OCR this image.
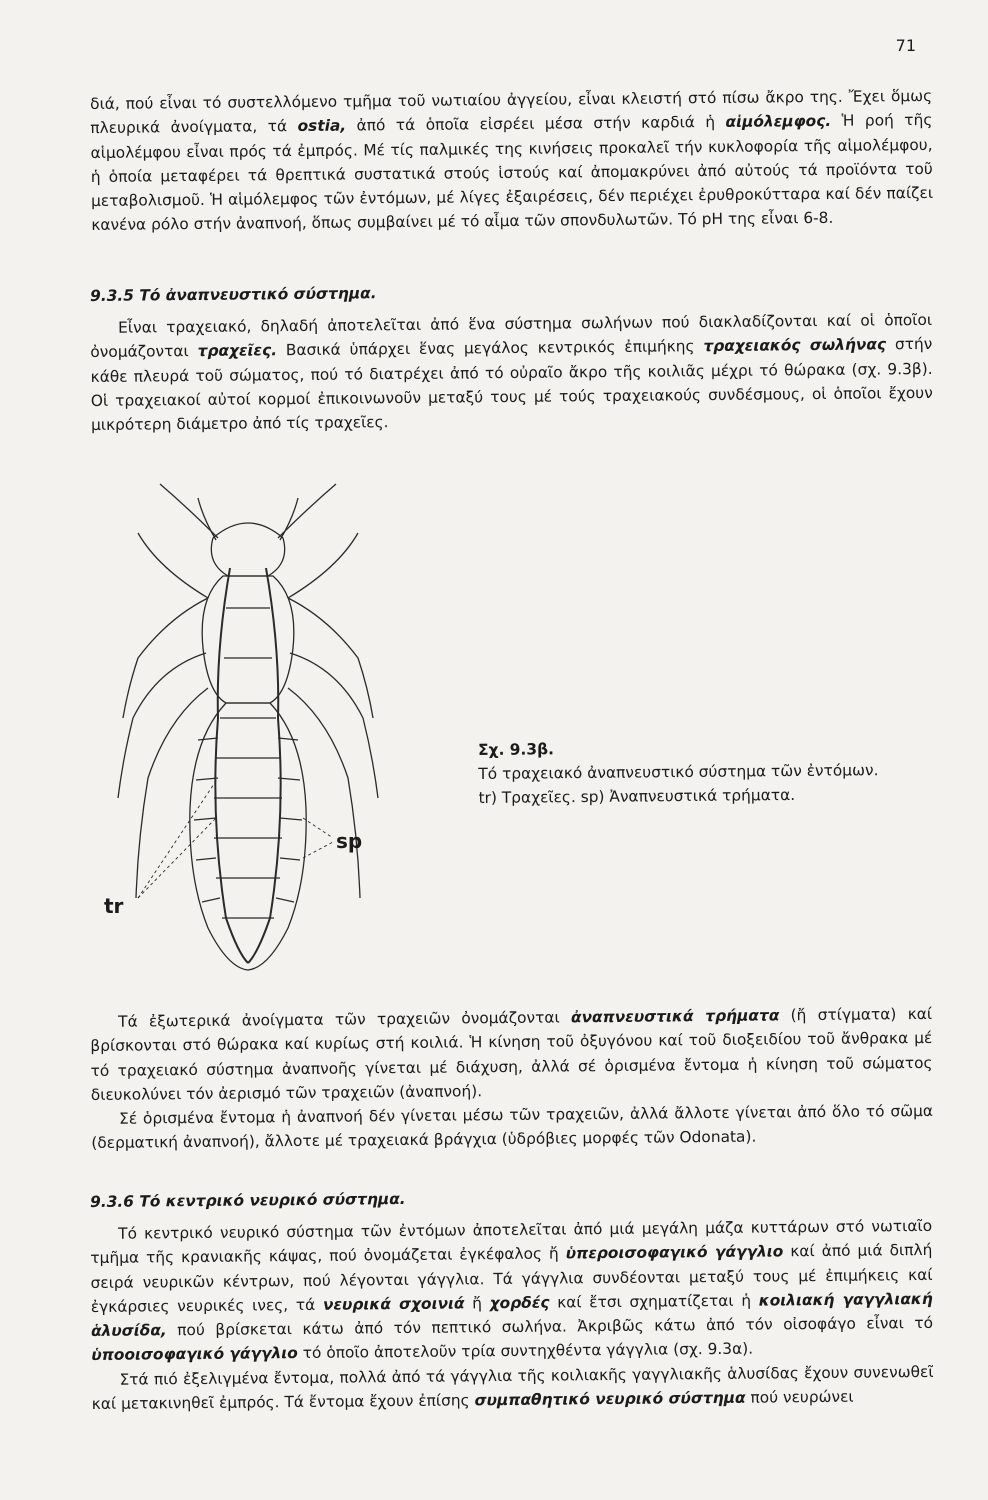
71

διά, πού εἶναι τό συστελλόμενο τμῆμα τοῦ νωτιαίου ἀγγείου, εἶναι κλειστή στό πίσω ἄκρο της. Ἔχει ὅμως πλευρικά ἀνοίγματα, τά ostia, ἀπό τά ὁποῖα εἰσρέει μέσα στήν καρδιά ἡ αἱμόλεμφος. Ἡ ροή τῆς αἱμολέμφου εἶναι πρός τά ἐμπρός. Μέ τίς παλμικές της κινήσεις προκαλεῖ τήν κυκλοφορία τῆς αἱμολέμφου, ἡ ὁποία μεταφέρει τά θρεπτικά συστατικά στούς ἱστούς καί ἀπομακρύνει ἀπό αὐτούς τά προϊόντα τοῦ μεταβολισμοῦ. Ἡ αἱμόλεμφος τῶν ἐντόμων, μέ λίγες ἐξαιρέσεις, δέν περιέχει ἐρυθροκύτταρα καί δέν παίζει κανένα ρόλο στήν ἀναπνοή, ὅπως συμβαίνει μέ τό αἷμα τῶν σπονδυλωτῶν. Τό pH της εἶναι 6-8.

9.3.5 Τό ἀναπνευστικό σύστημα.

Εἶναι τραχειακό, δηλαδή ἀποτελεῖται ἀπό ἕνα σύστημα σωλήνων πού διακλαδίζονται καί οἱ ὁποῖοι ὀνομάζονται τραχεῖες. Βασικά ὑπάρχει ἕνας μεγάλος κεντρικός ἐπιμήκης τραχειακός σωλήνας στήν κάθε πλευρά τοῦ σώματος, πού τό διατρέχει ἀπό τό οὐραῖο ἄκρο τῆς κοιλιᾶς μέχρι τό θώρακα (σχ. 9.3β). Οἱ τραχειακοί αὐτοί κορμοί ἐπικοινωνοῦν μεταξύ τους μέ τούς τραχειακούς συνδέσμους, οἱ ὁποῖοι ἔχουν μικρότερη διάμετρο ἀπό τίς τραχεῖες.

sp
tr
Σχ. 9.3β.
Τό τραχειακό ἀναπνευστικό σύστημα τῶν ἐντόμων.
tr) Τραχεῖες. sp) Ἀναπνευστικά τρήματα.

Τά ἐξωτερικά ἀνοίγματα τῶν τραχειῶν ὀνομάζονται ἀναπνευστικά τρήματα (ἤ στίγματα) καί βρίσκονται στό θώρακα καί κυρίως στή κοιλιά. Ἡ κίνηση τοῦ ὀξυγόνου καί τοῦ διοξειδίου τοῦ ἄνθρακα μέ τό τραχειακό σύστημα ἀναπνοῆς γίνεται μέ διάχυση, ἀλλά σέ ὁρισμένα ἔντομα ἡ κίνηση τοῦ σώματος διευκολύνει τόν ἀερισμό τῶν τραχειῶν (ἀναπνοή).

Σέ ὁρισμένα ἔντομα ἡ ἀναπνοή δέν γίνεται μέσω τῶν τραχειῶν, ἀλλά ἄλλοτε γίνεται ἀπό ὅλο τό σῶμα (δερματική ἀναπνοή), ἄλλοτε μέ τραχειακά βράγχια (ὑδρόβιες μορφές τῶν Odonata).

9.3.6 Τό κεντρικό νευρικό σύστημα.

Τό κεντρικό νευρικό σύστημα τῶν ἐντόμων ἀποτελεῖται ἀπό μιά μεγάλη μάζα κυττάρων στό νωτιαῖο τμῆμα τῆς κρανιακῆς κάψας, πού ὀνομάζεται ἐγκέφαλος ἤ ὑπεροισοφαγικό γάγγλιο καί ἀπό μιά διπλή σειρά νευρικῶν κέντρων, πού λέγονται γάγγλια. Τά γάγγλια συνδέονται μεταξύ τους μέ ἐπιμήκεις καί ἐγκάρσιες νευρικές ινες, τά νευρικά σχοινιά ἤ χορδές καί ἔτσι σχηματίζεται ἡ κοιλιακή γαγγλιακή ἁλυσίδα, πού βρίσκεται κάτω ἀπό τόν πεπτικό σωλήνα. Ἀκριβῶς κάτω ἀπό τόν οἰσοφάγο εἶναι τό ὑποοισοφαγικό γάγγλιο τό ὁποῖο ἀποτελοῦν τρία συντηχθέντα γάγγλια (σχ. 9.3α).

Στά πιό ἐξελιγμένα ἔντομα, πολλά ἀπό τά γάγγλια τῆς κοιλιακῆς γαγγλιακῆς ἁλυσίδας ἔχουν συνενωθεῖ καί μετακινηθεῖ ἐμπρός. Τά ἔντομα ἔχουν ἐπίσης συμπαθητικό νευρικό σύστημα πού νευρώνει
